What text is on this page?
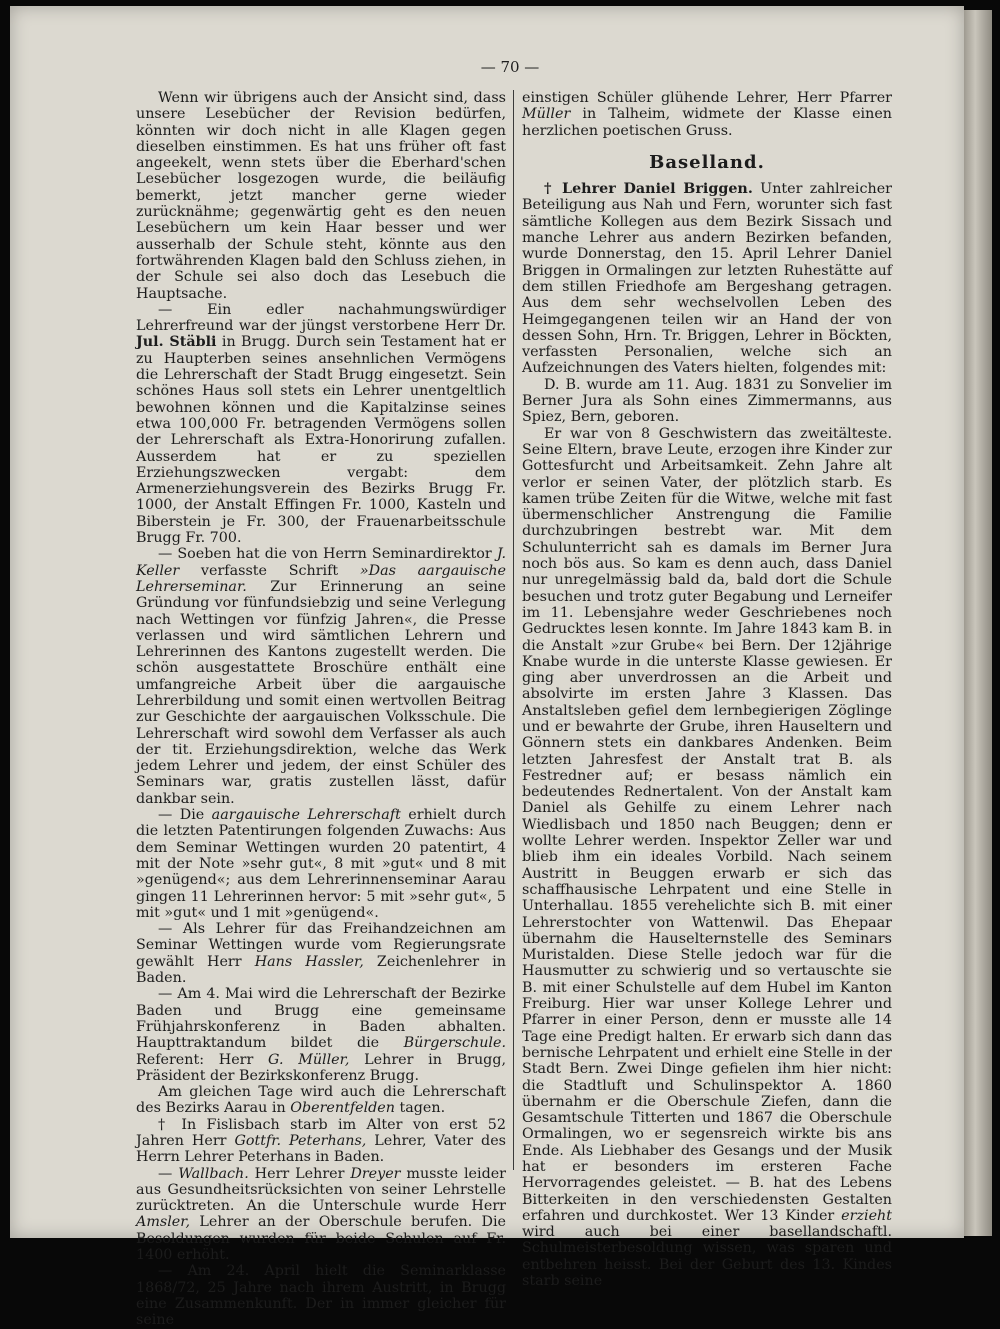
— 70 —

Wenn wir übrigens auch der Ansicht sind, dass unsere Lesebücher der Revision bedürfen, könnten wir doch nicht in alle Klagen gegen dieselben einstimmen. Es hat uns früher oft fast angeekelt, wenn stets über die Eberhard'schen Lesebücher losgezogen wurde, die beiläufig bemerkt, jetzt mancher gerne wieder zurücknähme; gegenwärtig geht es den neuen Lesebüchern um kein Haar besser und wer ausserhalb der Schule steht, könnte aus den fortwährenden Klagen bald den Schluss ziehen, in der Schule sei also doch das Lesebuch die Hauptsache.

— Ein edler nachahmungswürdiger Lehrerfreund war der jüngst verstorbene Herr Dr. Jul. Stäbli in Brugg. Durch sein Testament hat er zu Haupterben seines ansehnlichen Vermögens die Lehrerschaft der Stadt Brugg eingesetzt. Sein schönes Haus soll stets ein Lehrer unentgeltlich bewohnen können und die Kapitalzinse seines etwa 100,000 Fr. betragenden Vermögens sollen der Lehrerschaft als Extra-Honorirung zufallen. Ausserdem hat er zu speziellen Erziehungszwecken vergabt: dem Armenerziehungsverein des Bezirks Brugg Fr. 1000, der Anstalt Effingen Fr. 1000, Kasteln und Biberstein je Fr. 300, der Frauenarbeitsschule Brugg Fr. 700.

— Soeben hat die von Herrn Seminardirektor J. Keller verfasste Schrift »Das aargauische Lehrerseminar. Zur Erinnerung an seine Gründung vor fünfundsiebzig und seine Verlegung nach Wettingen vor fünfzig Jahren«, die Presse verlassen und wird sämtlichen Lehrern und Lehrerinnen des Kantons zugestellt werden. Die schön ausgestattete Broschüre enthält eine umfangreiche Arbeit über die aargauische Lehrerbildung und somit einen wertvollen Beitrag zur Geschichte der aargauischen Volksschule. Die Lehrerschaft wird sowohl dem Verfasser als auch der tit. Erziehungsdirektion, welche das Werk jedem Lehrer und jedem, der einst Schüler des Seminars war, gratis zustellen lässt, dafür dankbar sein.

— Die aargauische Lehrerschaft erhielt durch die letzten Patentirungen folgenden Zuwachs: Aus dem Seminar Wettingen wurden 20 patentirt, 4 mit der Note »sehr gut«, 8 mit »gut« und 8 mit »genügend«; aus dem Lehrerinnenseminar Aarau gingen 11 Lehrerinnen hervor: 5 mit »sehr gut«, 5 mit »gut« und 1 mit »genügend«.

— Als Lehrer für das Freihandzeichnen am Seminar Wettingen wurde vom Regierungsrate gewählt Herr Hans Hassler, Zeichenlehrer in Baden.

— Am 4. Mai wird die Lehrerschaft der Bezirke Baden und Brugg eine gemeinsame Frühjahrskonferenz in Baden abhalten. Haupttraktandum bildet die Bürgerschule. Referent: Herr G. Müller, Lehrer in Brugg, Präsident der Bezirkskonferenz Brugg.

Am gleichen Tage wird auch die Lehrerschaft des Bezirks Aarau in Oberentfelden tagen.

† In Fislisbach starb im Alter von erst 52 Jahren Herr Gottfr. Peterhans, Lehrer, Vater des Herrn Lehrer Peterhans in Baden.

— Wallbach. Herr Lehrer Dreyer musste leider aus Gesundheitsrücksichten von seiner Lehrstelle zurücktreten. An die Unterschule wurde Herr Amsler, Lehrer an der Oberschule berufen. Die Besoldungen wurden für beide Schulen auf Fr. 1400 erhöht.

— Am 24. April hielt die Seminarklasse 1868/72, 25 Jahre nach ihrem Austritt, in Brugg eine Zusammenkunft. Der in immer gleicher für seine

einstigen Schüler glühende Lehrer, Herr Pfarrer Müller in Talheim, widmete der Klasse einen herzlichen poetischen Gruss.

Baselland.

† Lehrer Daniel Briggen. Unter zahlreicher Beteiligung aus Nah und Fern, worunter sich fast sämtliche Kollegen aus dem Bezirk Sissach und manche Lehrer aus andern Bezirken befanden, wurde Donnerstag, den 15. April Lehrer Daniel Briggen in Ormalingen zur letzten Ruhestätte auf dem stillen Friedhofe am Bergeshang getragen. Aus dem sehr wechselvollen Leben des Heimgegangenen teilen wir an Hand der von dessen Sohn, Hrn. Tr. Briggen, Lehrer in Böckten, verfassten Personalien, welche sich an Aufzeichnungen des Vaters hielten, folgendes mit:

D. B. wurde am 11. Aug. 1831 zu Sonvelier im Berner Jura als Sohn eines Zimmermanns, aus Spiez, Bern, geboren.

Er war von 8 Geschwistern das zweitälteste. Seine Eltern, brave Leute, erzogen ihre Kinder zur Gottesfurcht und Arbeitsamkeit. Zehn Jahre alt verlor er seinen Vater, der plötzlich starb. Es kamen trübe Zeiten für die Witwe, welche mit fast übermenschlicher Anstrengung die Familie durchzubringen bestrebt war. Mit dem Schulunterricht sah es damals im Berner Jura noch bös aus. So kam es denn auch, dass Daniel nur unregelmässig bald da, bald dort die Schule besuchen und trotz guter Begabung und Lerneifer im 11. Lebensjahre weder Geschriebenes noch Gedrucktes lesen konnte. Im Jahre 1843 kam B. in die Anstalt »zur Grube« bei Bern. Der 12jährige Knabe wurde in die unterste Klasse gewiesen. Er ging aber unverdrossen an die Arbeit und absolvirte im ersten Jahre 3 Klassen. Das Anstaltsleben gefiel dem lernbegierigen Zöglinge und er bewahrte der Grube, ihren Hauseltern und Gönnern stets ein dankbares Andenken. Beim letzten Jahresfest der Anstalt trat B. als Festredner auf; er besass nämlich ein bedeutendes Rednertalent. Von der Anstalt kam Daniel als Gehilfe zu einem Lehrer nach Wiedlisbach und 1850 nach Beuggen; denn er wollte Lehrer werden. Inspektor Zeller war und blieb ihm ein ideales Vorbild. Nach seinem Austritt in Beuggen erwarb er sich das schaffhausische Lehrpatent und eine Stelle in Unterhallau. 1855 verehelichte sich B. mit einer Lehrerstochter von Wattenwil. Das Ehepaar übernahm die Hauselternstelle des Seminars Muristalden. Diese Stelle jedoch war für die Hausmutter zu schwierig und so vertauschte sie B. mit einer Schulstelle auf dem Hubel im Kanton Freiburg. Hier war unser Kollege Lehrer und Pfarrer in einer Person, denn er musste alle 14 Tage eine Predigt halten. Er erwarb sich dann das bernische Lehrpatent und erhielt eine Stelle in der Stadt Bern. Zwei Dinge gefielen ihm hier nicht: die Stadtluft und Schulinspektor A. 1860 übernahm er die Oberschule Ziefen, dann die Gesamtschule Titterten und 1867 die Oberschule Ormalingen, wo er segensreich wirkte bis ans Ende. Als Liebhaber des Gesangs und der Musik hat er besonders im ersteren Fache Hervorragendes geleistet. — B. hat des Lebens Bitterkeiten in den verschiedensten Gestalten erfahren und durchkostet. Wer 13 Kinder erzieht wird auch bei einer basellandschaftl. Schulmeisterbesoldung wissen, was sparen und entbehren heisst. Bei der Geburt des 13. Kindes starb seine
